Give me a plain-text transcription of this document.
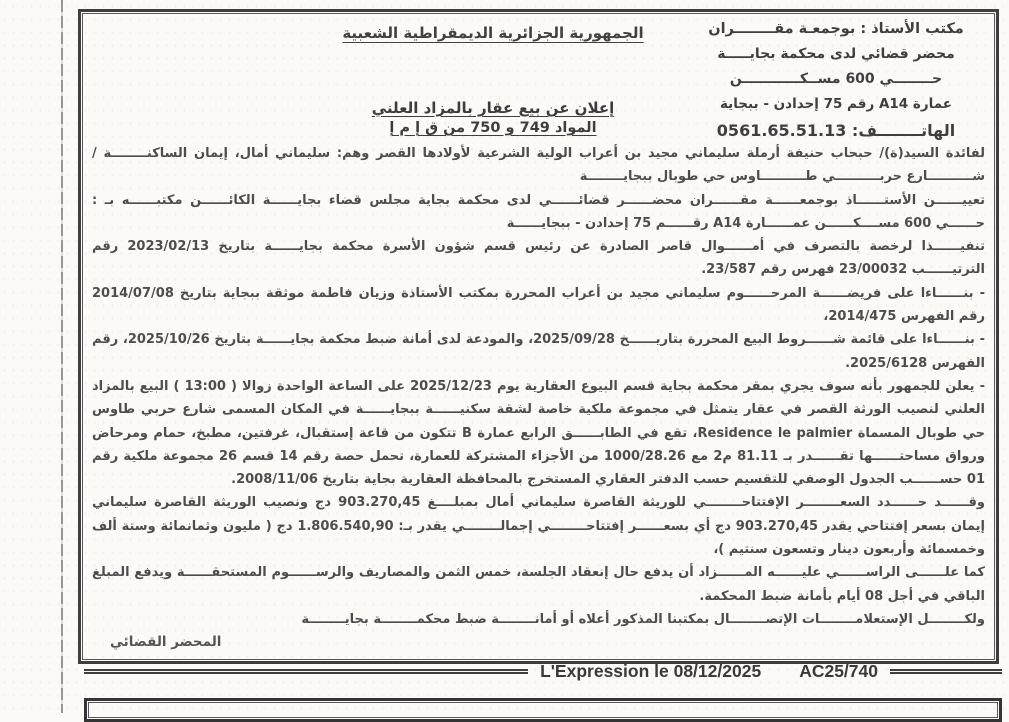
الجمهورية الجزائرية الديمقراطية الشعبية	مكتب الأستاذ : بوجمعـة مقــــــــران
محضر قضائي لدى محكمة بجايـــــة
حــــــــي 600 مســكــــــــــــن
عمارة A14 رقم 75 إحدادن - ببجاية
الهاتــــــــف: 0561.65.51.13
إعلان عن بيع عقار بالمزاد العلني
المواد 749 و 750 من ق إ م إ

لفائدة السيد(ة)/ حبحاب حنيفة أرملة سليماني مجيد بن أعراب الولية الشرعية لأولادها القصر وهم: سليماني أمال، إيمان الساكنــــــــة / شــــــــــارع حربــــــــــي طــــــــــاوس حي طوبال ببجايــــــــة

تعييــــــن الأستــــــاذ بوجمعــــــة مقــــــران محضــــــر قضائــــــي لدى محكمة بجاية مجلس قضاء بجايــــــة الكائــــــن مكتبــــــه بـ : حــــــي 600 مســــكــــــن عمــــــارة A14 رقــــــم 75 إحدادن - ببجايــــــة

تنفيــــــذا لرخصة بالتصرف في أمــــــوال قاصر الصادرة عن رئيس قسم شؤون الأسرة محكمة بجايــــــة بتاريخ 2023/02/13 رقم الترتيــــــب 23/00032 فهرس رقم 23/587.

- بنــــــاءا على فريضــــــة المرحــــــوم سليماني مجيد بن أعراب المحررة بمكتب الأستاذة وزيان فاطمة موثقة ببجاية بتاريخ 2014/07/08 رقم الفهرس 2014/475،

- بنــــــاءا على قائمة شــــــروط البيع المحررة بتاريــــــخ 2025/09/28، والمودعة لدى أمانة ضبط محكمة بجايــــــة بتاريخ 2025/10/26، رقم الفهرس 2025/6128.

- يعلن للجمهور بأنه سوف يجري بمقر محكمة بجاية قسم البيوع العقارية يوم 2025/12/23 على الساعة الواحدة زوالا ( 13:00 ) البيع بالمزاد العلني لنصيب الورثة القصر في عقار يتمثل في مجموعة ملكية خاصة لشقة سكنيــــــة ببجايــــــة في المكان المسمى شارع حربي طاوس حي طوبال المسماة Residence le palmier، تقع في الطابــــــق الرابع عمارة B تتكون من قاعة إستقبال، غرفتين، مطبخ، حمام ومرحاض ورواق مساحتــــــها تقــــــدر بـ 81.11 م2 مع 1000/28.26 من الأجزاء المشتركة للعمارة، تحمل حصة رقم 14 قسم 26 مجموعة ملكية رقم 01 حســــــب الجدول الوصفي للتقسيم حسب الدفتر العقاري المستخرج بالمحافظة العقارية بجاية بتاريخ 2008/11/06.

وقــــــد حــــــدد السعــــــــر الإفتتاحــــــــي للوريثة القاصرة سليماني أمال بمبلــــغ 903.270,45 دج ونصيب الوريثة القاصرة سليماني إيمان بسعر إفتتاحي يقدر 903.270,45 دج أي بسعــــــر إفتتاحــــــــي إجمالــــــــي يقدر بـ: 1.806.540,90 دج ( مليون وثمانمائة وستة ألف وخمسمائة وأربعون دينار وتسعون سنتيم )،

كما علــــــى الراســــــي عليــــــه المــــــزاد أن يدفع حال إنعقاد الجلسة، خمس الثمن والمصاريف والرســــــوم المستحقــــــة ويدفع المبلغ الباقي في أجل 08 أيام بأمانة ضبط المحكمة.

ولكــــــــل الإستعلامــــــــات الإتصــــــــال بمكتبنا المذكور أعلاه أو أمانــــــــة ضبط محكمــــــــة بجايــــــــة

المحضر القضائي

L'Expression le 08/12/2025 AC25/740
